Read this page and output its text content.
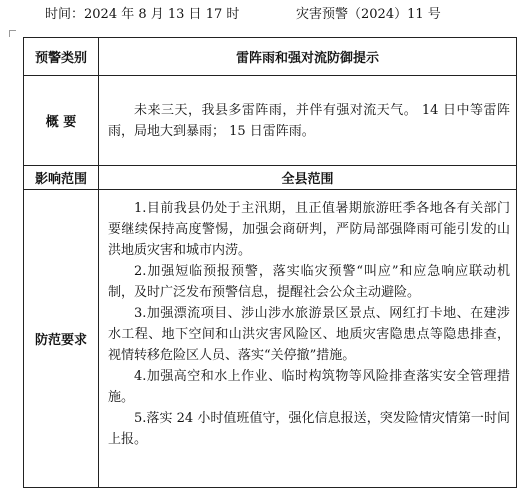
时间：2024 年 8 月 13 日 17 时	灾害预警（2024）11 号
预警类别	雷阵雨和强对流防御提示
概 要	未来三天，我县多雷阵雨，并伴有强对流天气。 14 日中等雷阵雨，局地大到暴雨； 15 日雷阵雨。

影响范围	全县范围
防范要求	1.目前我县仍处于主汛期，且正值暑期旅游旺季各地各有关部门要继续保持高度警惕，加强会商研判，严防局部强降雨可能引发的山洪地质灾害和城市内涝。

2.加强短临预报预警，落实临灾预警“叫应”和应急响应联动机制，及时广泛发布预警信息，提醒社会公众主动避险。

3.加强漂流项目、涉山涉水旅游景区景点、网红打卡地、在建涉水工程、地下空间和山洪灾害风险区、地质灾害隐患点等隐患排查，视情转移危险区人员、落实“关停撤”措施。

4.加强高空和水上作业、临时构筑物等风险排查落实安全管理措施。

5.落实 24 小时值班值守，强化信息报送，突发险情灾情第一时间上报。
